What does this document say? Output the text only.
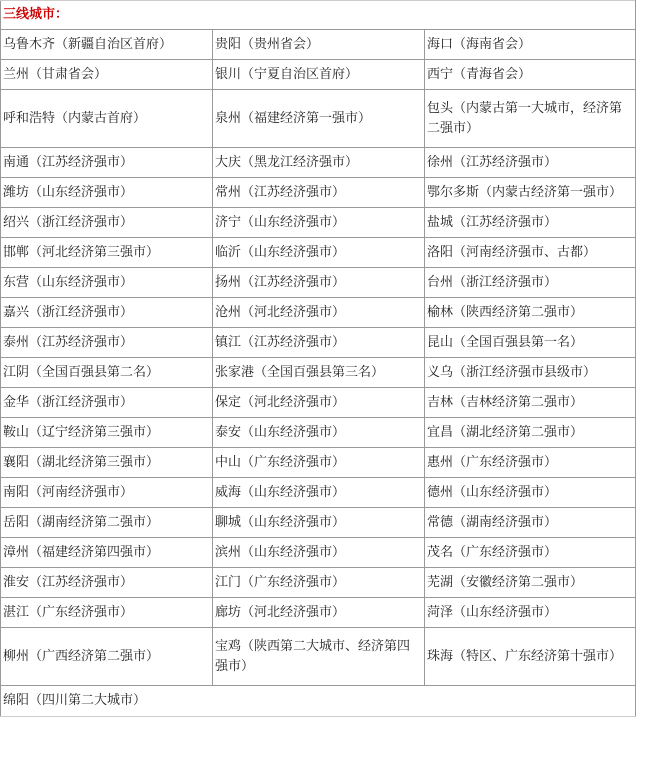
三线城市：		
乌鲁木齐（新疆自治区首府）	贵阳（贵州省会）	海口（海南省会）
兰州（甘肃省会）	银川（宁夏自治区首府）	西宁（青海省会）
呼和浩特（内蒙古首府）	泉州（福建经济第一强市）	包头（内蒙古第一大城市，经济第二强市）
南通（江苏经济强市）	大庆（黑龙江经济强市）	徐州（江苏经济强市）
潍坊（山东经济强市）	常州（江苏经济强市）	鄂尔多斯（内蒙古经济第一强市）
绍兴（浙江经济强市）	济宁（山东经济强市）	盐城（江苏经济强市）
邯郸（河北经济第三强市）	临沂（山东经济强市）	洛阳（河南经济强市、古都）
东营（山东经济强市）	扬州（江苏经济强市）	台州（浙江经济强市）
嘉兴（浙江经济强市）	沧州（河北经济强市）	榆林（陕西经济第二强市）
泰州（江苏经济强市）	镇江（江苏经济强市）	昆山（全国百强县第一名）
江阴（全国百强县第二名）	张家港（全国百强县第三名）	义乌（浙江经济强市县级市）
金华（浙江经济强市）	保定（河北经济强市）	吉林（吉林经济第二强市）
鞍山（辽宁经济第三强市）	泰安（山东经济强市）	宜昌（湖北经济第二强市）
襄阳（湖北经济第三强市）	中山（广东经济强市）	惠州（广东经济强市）
南阳（河南经济强市）	威海（山东经济强市）	德州（山东经济强市）
岳阳（湖南经济第二强市）	聊城（山东经济强市）	常德（湖南经济强市）
漳州（福建经济第四强市）	滨州（山东经济强市）	茂名（广东经济强市）
淮安（江苏经济强市）	江门（广东经济强市）	芜湖（安徽经济第二强市）
湛江（广东经济强市）	廊坊（河北经济强市）	菏泽（山东经济强市）
柳州（广西经济第二强市）	宝鸡（陕西第二大城市、经济第四强市）	珠海（特区、广东经济第十强市）
绵阳（四川第二大城市）		
